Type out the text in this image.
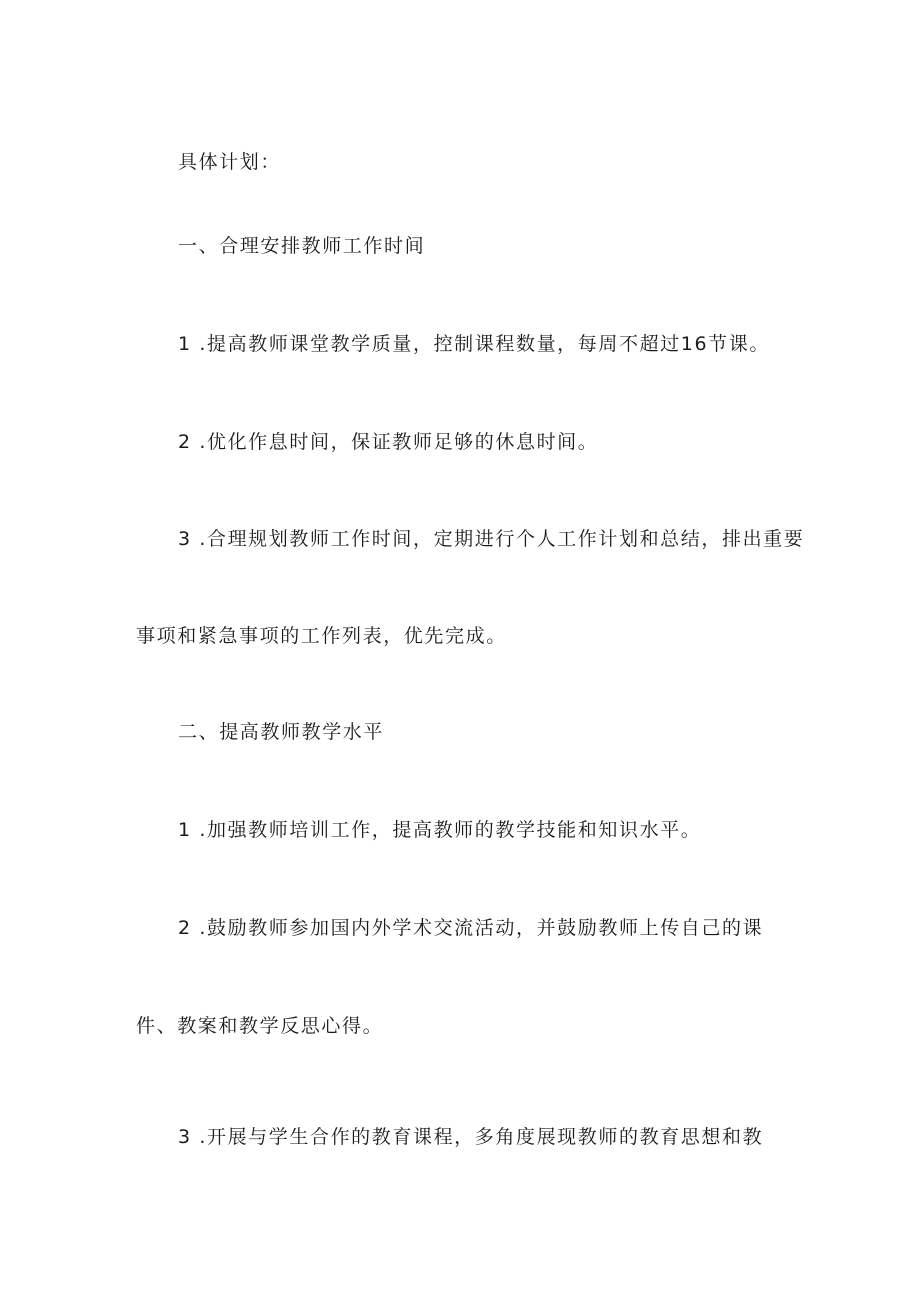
具体计划：
一、合理安排教师工作时间
1 .提高教师课堂教学质量，控制课程数量，每周不超过16节课。
2 .优化作息时间，保证教师足够的休息时间。
3 .合理规划教师工作时间，定期进行个人工作计划和总结，排出重要
事项和紧急事项的工作列表，优先完成。
二、提高教师教学水平
1 .加强教师培训工作，提高教师的教学技能和知识水平。
2 .鼓励教师参加国内外学术交流活动，并鼓励教师上传自己的课
件、教案和教学反思心得。
3 .开展与学生合作的教育课程，多角度展现教师的教育思想和教
